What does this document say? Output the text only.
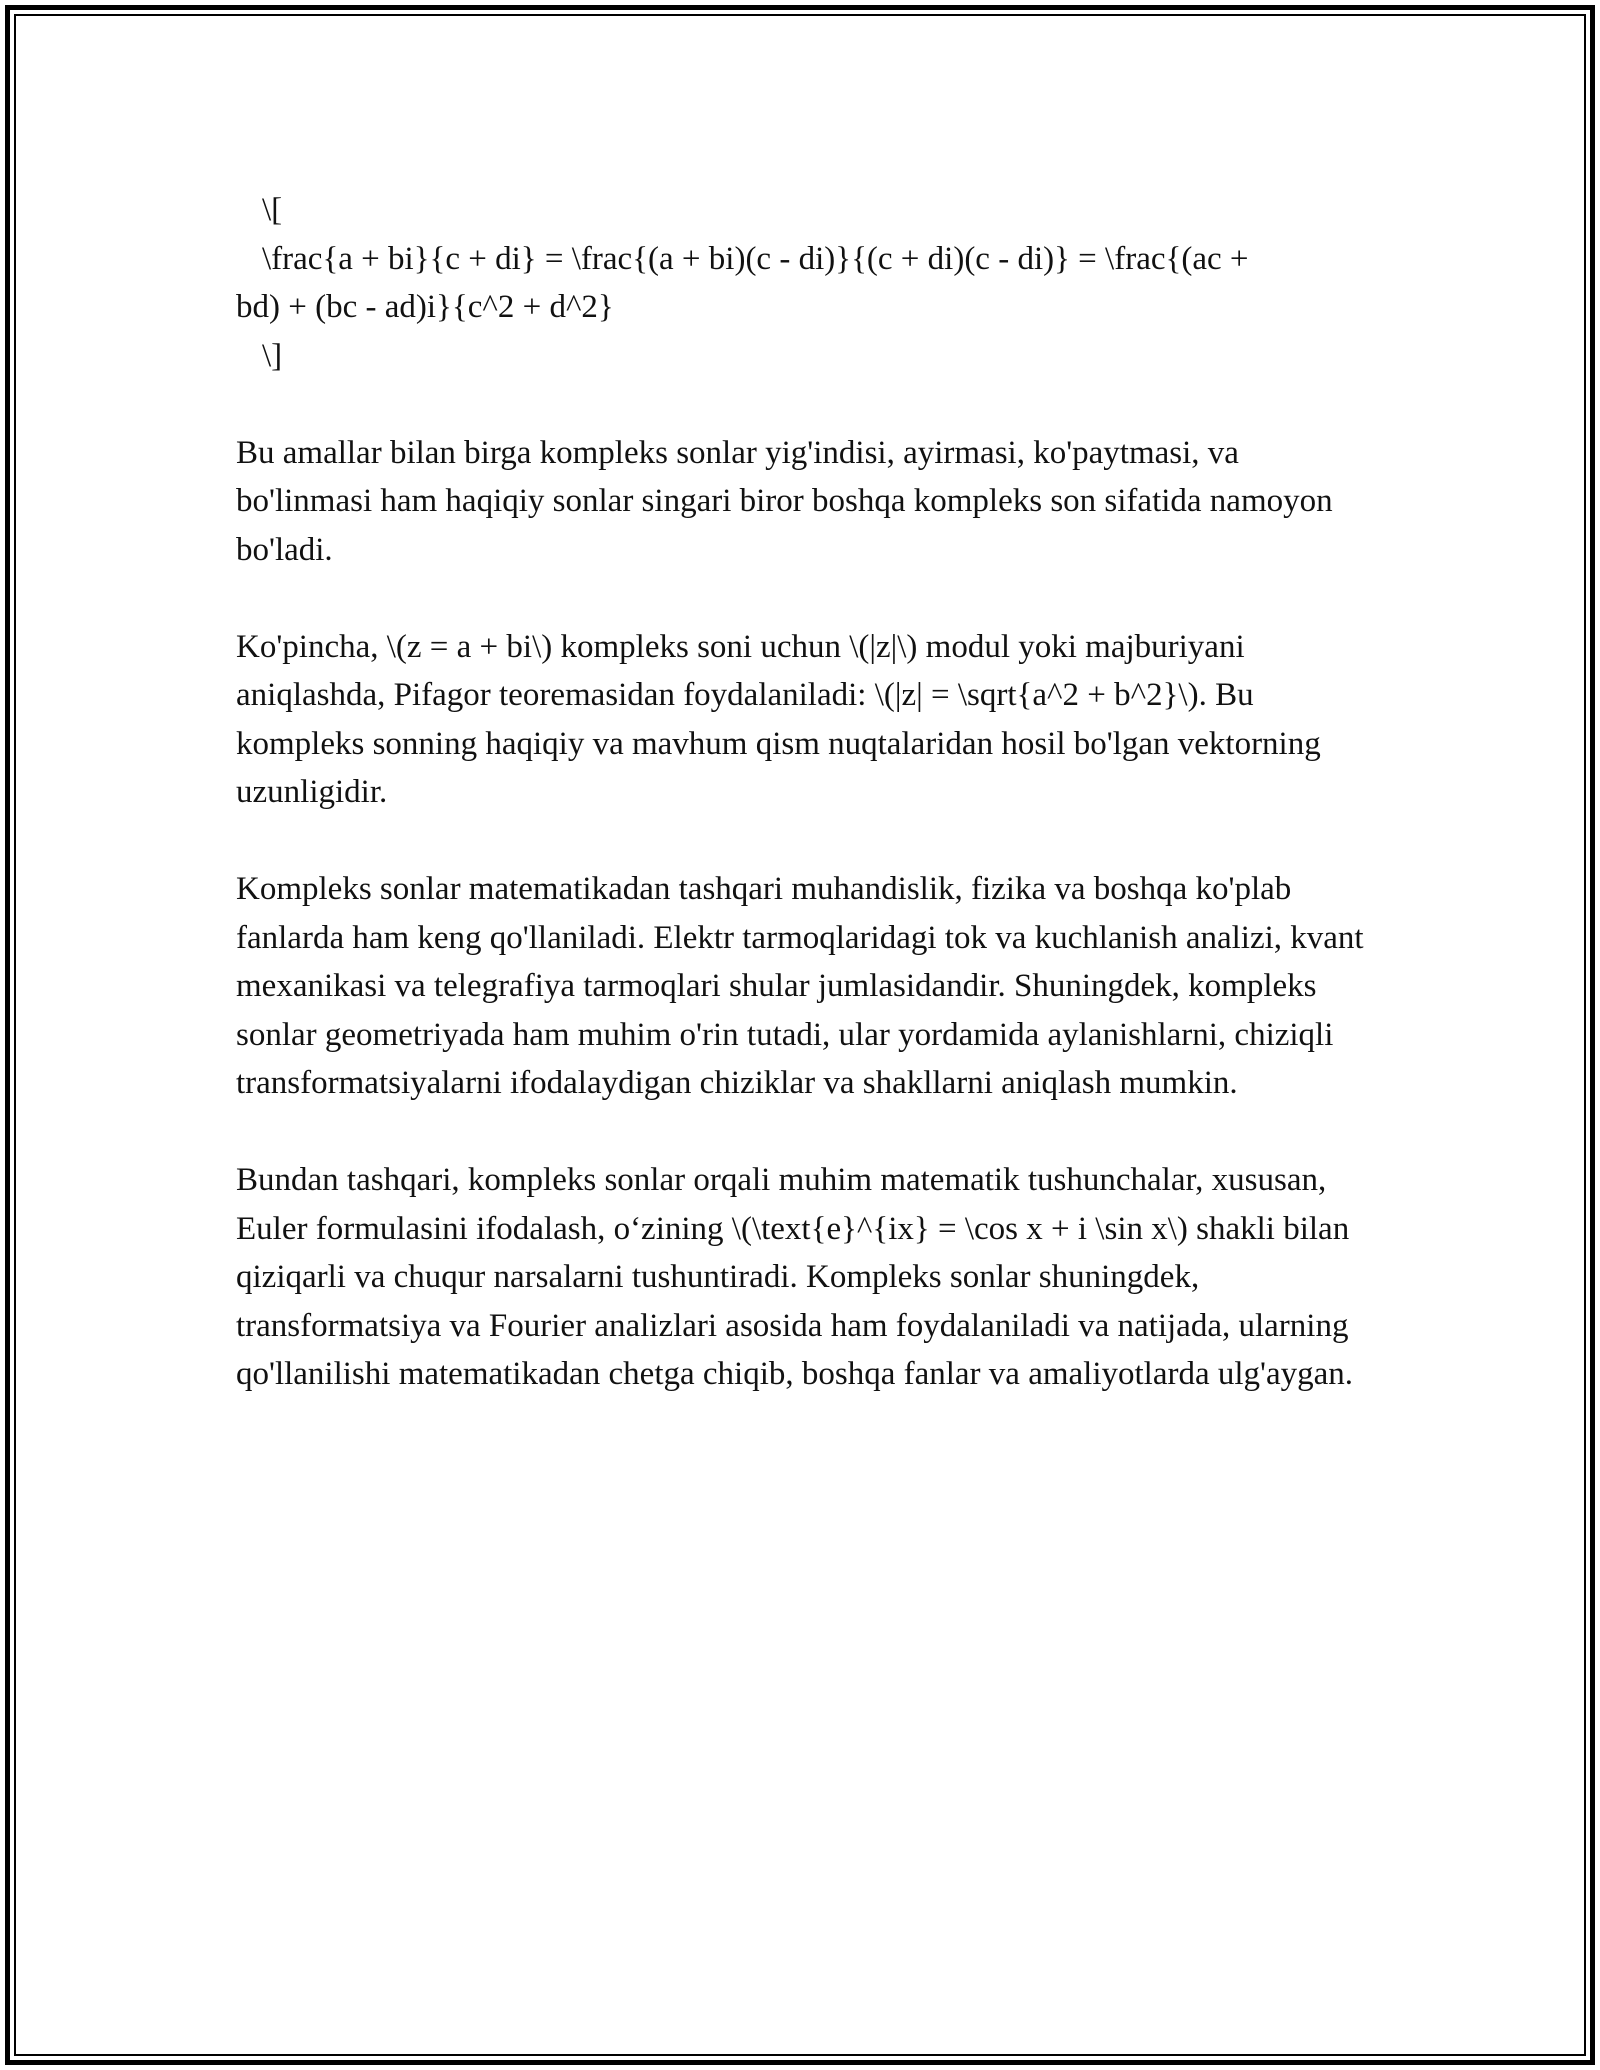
\[
\frac{a + bi}{c + di} = \frac{(a + bi)(c - di)}{(c + di)(c - di)} = \frac{(ac +
bd) + (bc - ad)i}{c^2 + d^2}
\]

Bu amallar bilan birga kompleks sonlar yig'indisi, ayirmasi, ko'paytmasi, va bo'linmasi ham haqiqiy sonlar singari biror boshqa kompleks son sifatida namoyon bo'ladi.

Ko'pincha, \(z = a + bi\) kompleks soni uchun \(|z|\) modul yoki majburiyani aniqlashda, Pifagor teoremasidan foydalaniladi: \(|z| = \sqrt{a^2 + b^2}\). Bu kompleks sonning haqiqiy va mavhum qism nuqtalaridan hosil bo'lgan vektorning uzunligidir.

Kompleks sonlar matematikadan tashqari muhandislik, fizika va boshqa ko'plab fanlarda ham keng qo'llaniladi. Elektr tarmoqlaridagi tok va kuchlanish analizi, kvant mexanikasi va telegrafiya tarmoqlari shular jumlasidandir. Shuningdek, kompleks sonlar geometriyada ham muhim o'rin tutadi, ular yordamida aylanishlarni, chiziqli transformatsiyalarni ifodalaydigan chiziklar va shakllarni aniqlash mumkin.

Bundan tashqari, kompleks sonlar orqali muhim matematik tushunchalar, xususan, Euler formulasini ifodalash, o‘zining \(\text{e}^{ix} = \cos x + i \sin x\) shakli bilan qiziqarli va chuqur narsalarni tushuntiradi. Kompleks sonlar shuningdek, transformatsiya va Fourier analizlari asosida ham foydalaniladi va natijada, ularning qo'llanilishi matematikadan chetga chiqib, boshqa fanlar va amaliyotlarda ulg'aygan.
